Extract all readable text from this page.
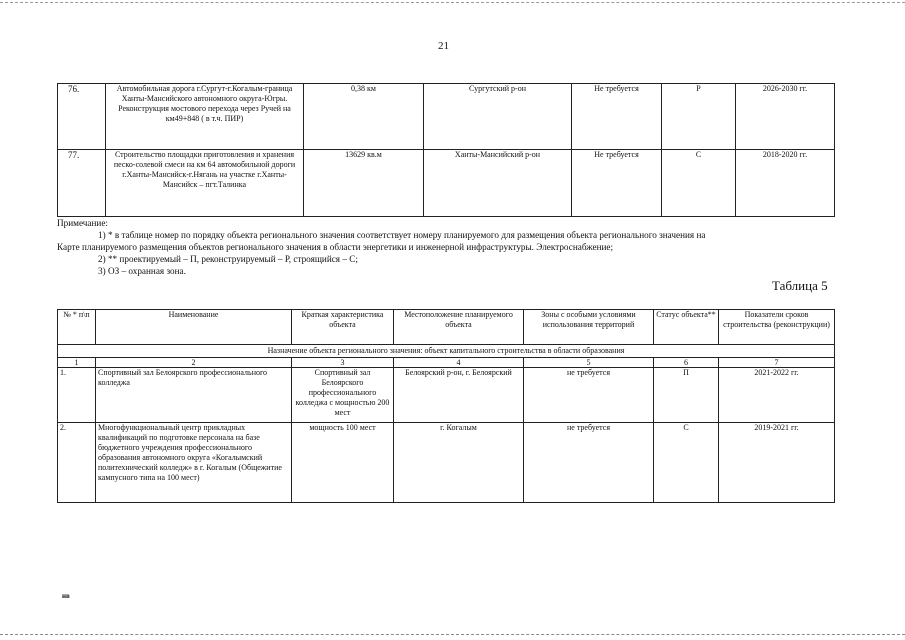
21
76.	Автомобильная дорога г.Сургут-г.Когалым-граница Ханты-Мансийского автономного округа-Югры. Реконструкция мостового перехода через Ручей на км49+848 ( в т.ч. ПИР)	0,38 км	Сургутский р-он	Не требуется	Р	2026-2030 гг.
77.	Строительство площадки приготовления и хранения песко-солевой смеси на км 64 автомобильной дороги г.Ханты-Мансийск-г.Нягань на участке г.Ханты-Мансийск – пгт.Талинка	13629 кв.м	Ханты-Мансийский р-он	Не требуется	С	2018-2020 гг.
Примечание:
1) * в таблице номер по порядку объекта регионального значения соответствует номеру планируемого для размещения объекта регионального значения на
Карте планируемого размещения объектов регионального значения в области энергетики и инженерной инфраструктуры. Электроснабжение;
2) ** проектируемый – П, реконструируемый – Р, строящийся – С;
3) ОЗ – охранная зона.
Таблица 5
№ * п\п	Наименование	Краткая характеристика объекта	Местоположение планируемого объекта	Зоны с особыми условиями использования территорий	Статус объекта**	Показатели сроков строительства (реконструкции)
Назначение объекта регионального значения: объект капитального строительства в области образования						
1	2	3	4	5	6	7
1.	Спортивный зал Белоярского профессионального колледжа	Спортивный зал Белоярского профессионального колледжа с мощностью 200 мест	Белоярский р-он, г. Белоярский	не требуется	П	2021-2022 гг.
2.	Многофункциональный центр прикладных квалификаций по подготовке персонала на базе бюджетного учреждения профессионального образования автономного округа «Когалымский политехнический колледж» в г. Когалым (Общежитие кампусного типа на 100 мест)	мощность 100 мест	г. Когалым	не требуется	С	2019-2021 гг.
нв
